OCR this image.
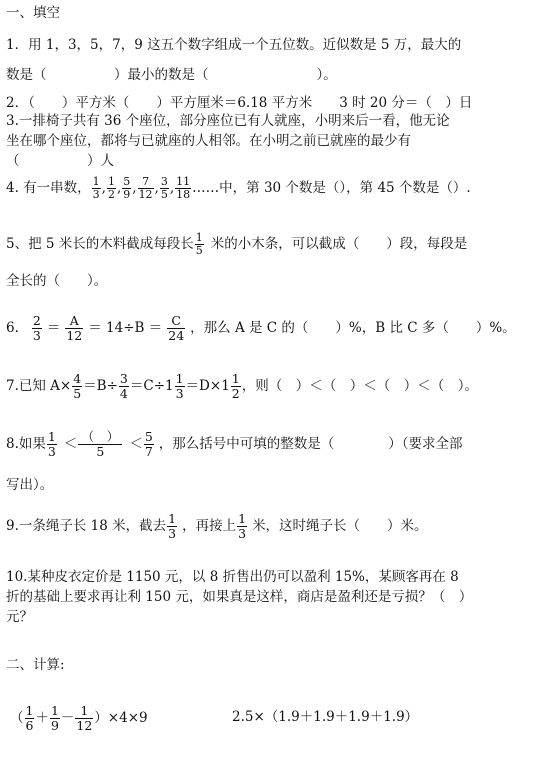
一、填空
1．用 1，3，5，7，9 这五个数字组成一个五位数。近似数是 5 万，最大的
数是（　　　　　）最小的数是（　　　　　　　　）。
2．（　　）平方米（　　）平方厘米＝6.18 平方米　　3 时 20 分＝（　）日
3.一排椅子共有 36 个座位，部分座位已有人就座，小明来后一看，他无论
坐在哪个座位，都将与已就座的人相邻。在小明之前已就座的最少有
（　　　　　）人
4. 有一串数， $\frac{1}{3}$ , $\frac{1}{2}$ , $\frac{5}{9}$ , $\frac{7}{12}$ , $\frac{3}{5}$ , $\frac{11}{18}$ ……中，第 30 个数是（），第 45 个数是（）.
5、把 5 米长的木料截成每段长 $\frac{1}{5}$ 米的小木条，可以截成（　　）段，每段是
全长的（　　）。
6. $\frac{2}{3} = \frac{A}{12} = 14\div B = \frac{C}{24}$ ，那么 A 是 C 的（　　）%，B 比 C 多（　　）%。
7.已知 $A\times \frac{4}{5} =B\div \frac{3}{4} =C\div 1 \frac{1}{3} =D\times 1 \frac{1}{2}$ ，则（　）＜（　）＜（　）＜（　）。
8.如果 $\frac{1}{3} < \frac{( )}{5} < \frac{5}{7}$ ，那么括号中可填的整数是（　　　　）（要求全部
写出）。
9.一条绳子长 18 米，截去 $\frac{1}{3}$ ，再接上 $\frac{1}{3}$ 米，这时绳子长（　　）米。
10.某种皮衣定价是 1150 元，以 8 折售出仍可以盈利 15%，某顾客再在 8
折的基础上要求再让利 150 元，如果真是这样，商店是盈利还是亏损？（　）
元？
二、计算:
（ $\frac{1}{6} + \frac{1}{9} - \frac{1}{12} )\times 4\times 9$	2.5×（1.9＋1.9＋1.9＋1.9）
